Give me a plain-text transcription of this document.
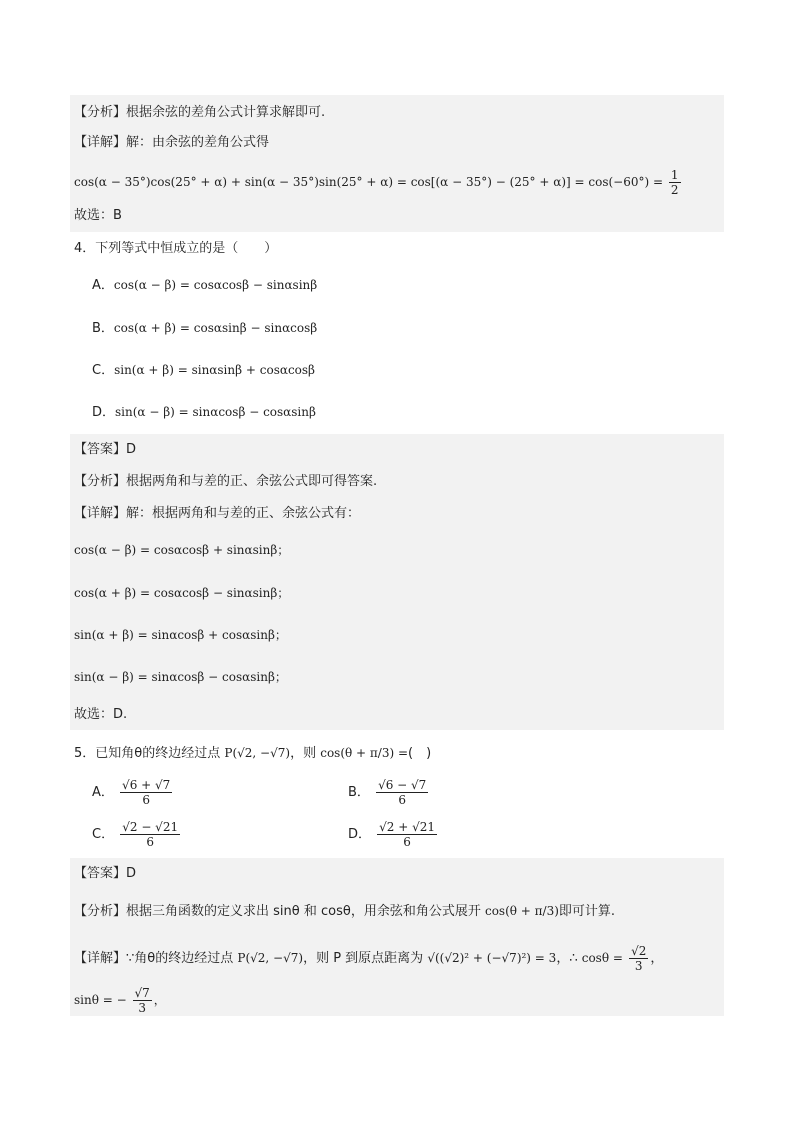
【分析】根据余弦的差角公式计算求解即可.
【详解】解：由余弦的差角公式得
$\cos(\alpha - 35^\circ)\cos(25^\circ + \alpha) + \sin(\alpha - 35^\circ)\sin(25^\circ + \alpha) = \cos[(\alpha - 35^\circ) - (25^\circ + \alpha)] = \cos(-60^\circ) = \frac{1}{2}$
故选：B
4．下列等式中恒成立的是（　　）
A．cos(α − β) = cosαcosβ − sinαsinβ
B．cos(α + β) = cosαsinβ − sinαcosβ
C．sin(α + β) = sinαsinβ + cosαcosβ
D．sin(α − β) = sinαcosβ − cosαsinβ
【答案】D
【分析】根据两角和与差的正、余弦公式即可得答案.
【详解】解：根据两角和与差的正、余弦公式有：
cos(α − β) = cosαcosβ + sinαsinβ；
cos(α + β) = cosαcosβ − sinαsinβ；
sin(α + β) = sinαcosβ + cosαsinβ；
sin(α − β) = sinαcosβ − cosαsinβ；
故选：D.
5．已知角θ的终边经过点 P(√2, −√7)，则 cos(θ + π/3) =(　)
A． $\frac{√6 + √7}{6}$	B． $\frac{√6 - √7}{6}$
C． $\frac{√2 - √21}{6}$	D． $\frac{√2 + √21}{6}$
【答案】D
【分析】根据三角函数的定义求出 sinθ 和 cosθ，用余弦和角公式展开 cos(θ + π/3)即可计算.
【详解】∵角θ的终边经过点 P(√2, −√7)，则 P 到原点距离为 √((√2)² + (−√7)²) = 3，∴ $\cos\theta = \frac{√2}{3}$ ，
sinθ = − $\frac{√7}{3}$ ，
